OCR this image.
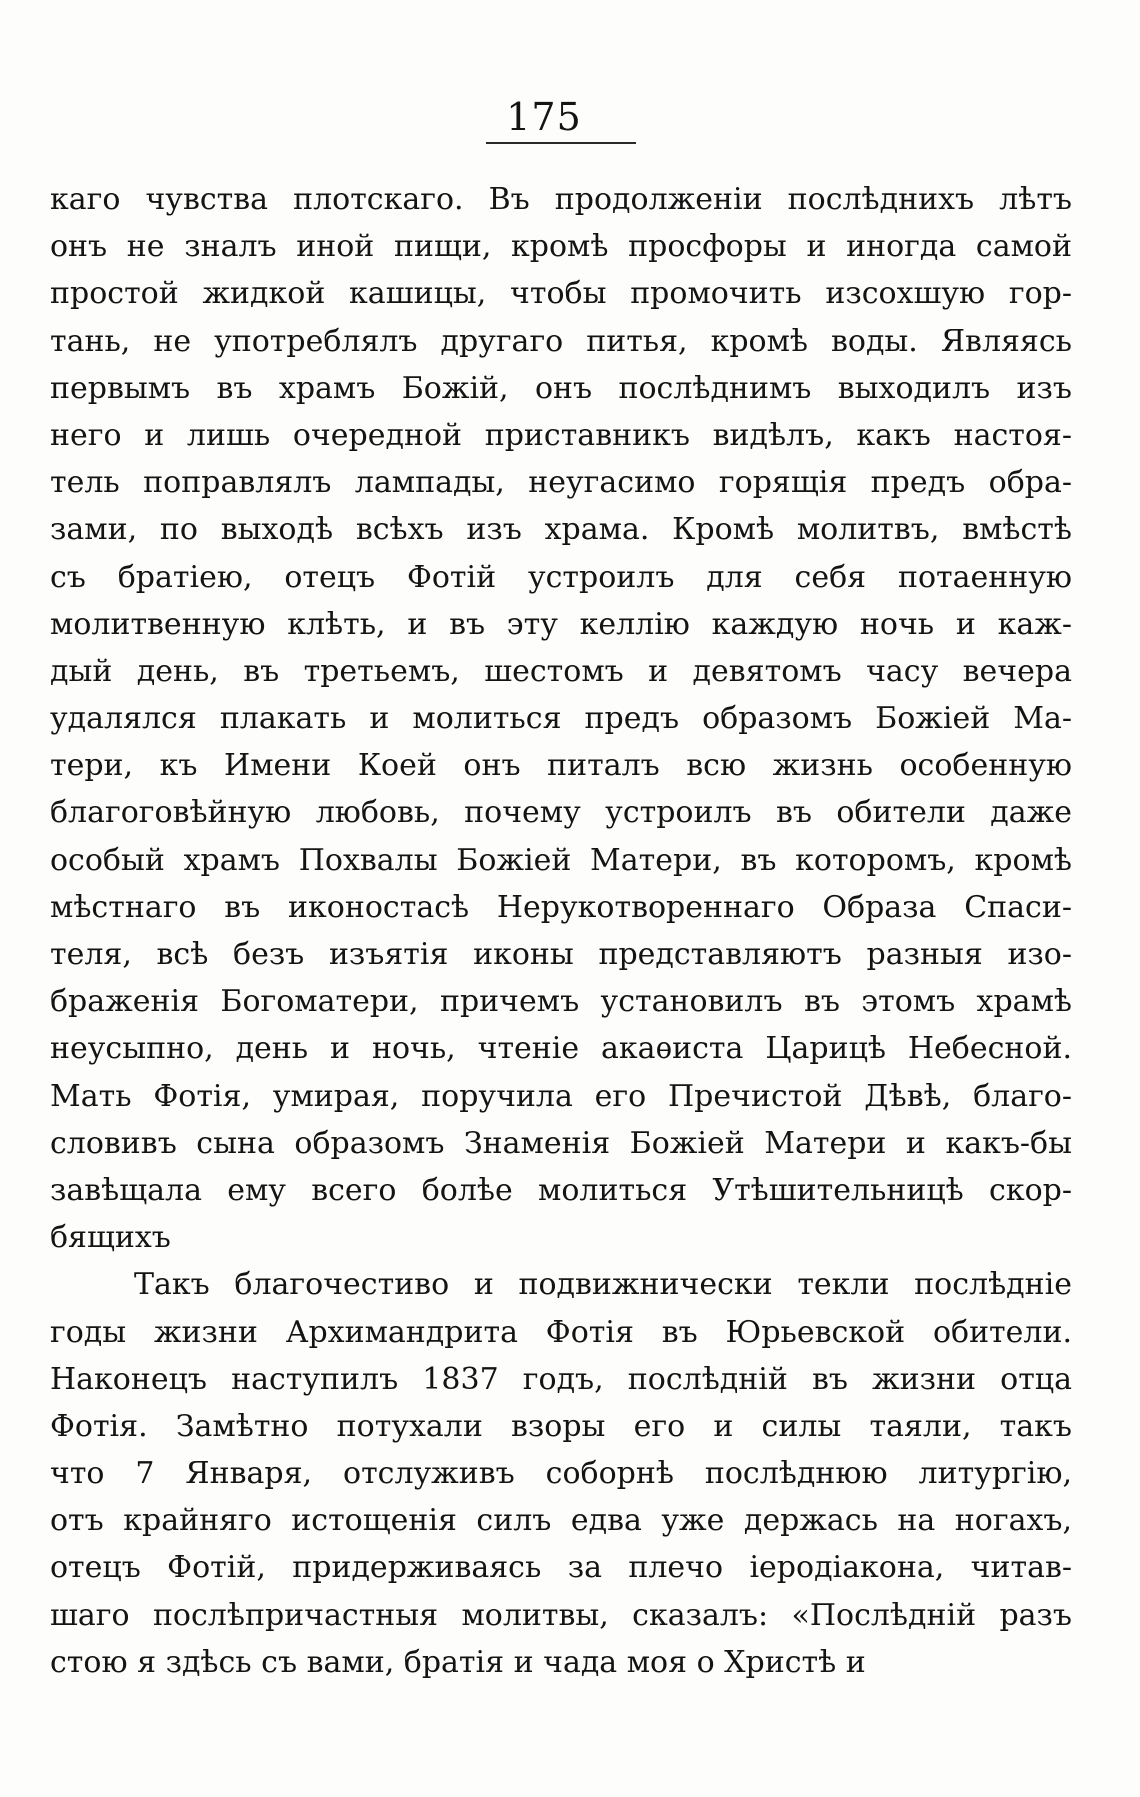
175
каго чувства плотскаго. Въ продолженіи послѣднихъ лѣтъ
онъ не зналъ иной пищи, кромѣ просфоры и иногда самой
простой жидкой кашицы, чтобы промочить изсохшую гор-
тань, не употреблялъ другаго питья, кромѣ воды. Являясь
первымъ въ храмъ Божій, онъ послѣднимъ выходилъ изъ
него и лишь очередной приставникъ видѣлъ, какъ настоя-
тель поправлялъ лампады, неугасимо горящія предъ обра-
зами, по выходѣ всѣхъ изъ храма. Кромѣ молитвъ, вмѣстѣ
съ братіею, отецъ Фотій устроилъ для себя потаенную
молитвенную клѣть, и въ эту келлію каждую ночь и каж-
дый день, въ третьемъ, шестомъ и девятомъ часу вечера
удалялся плакать и молиться предъ образомъ Божіей Ма-
тери, къ Имени Коей онъ питалъ всю жизнь особенную
благоговѣйную любовь, почему устроилъ въ обители даже
особый храмъ Похвалы Божіей Матери, въ которомъ, кромѣ
мѣстнаго въ иконостасѣ Нерукотвореннаго Образа Спаси-
теля, всѣ безъ изъятія иконы представляютъ разныя изо-
браженія Богоматери, причемъ установилъ въ этомъ храмѣ
неусыпно, день и ночь, чтеніе акаѳиста Царицѣ Небесной.
Мать Фотія, умирая, поручила его Пречистой Дѣвѣ, благо-
словивъ сына образомъ Знаменія Божіей Матери и какъ-бы
завѣщала ему всего болѣе молиться Утѣшительницѣ скор-
бящихъ
Такъ благочестиво и подвижнически текли послѣдніе
годы жизни Архимандрита Фотія въ Юрьевской обители.
Наконецъ наступилъ 1837 годъ, послѣдній въ жизни отца
Фотія. Замѣтно потухали взоры его и силы таяли, такъ
что 7 Января, отслуживъ соборнѣ послѣднюю литургію,
отъ крайняго истощенія силъ едва уже держась на ногахъ,
отецъ Фотій, придерживаясь за плечо іеродіакона, читав-
шаго послѣпричастныя молитвы, сказалъ: «Послѣдній разъ
стою я здѣсь съ вами, братія и чада моя о Христѣ и
